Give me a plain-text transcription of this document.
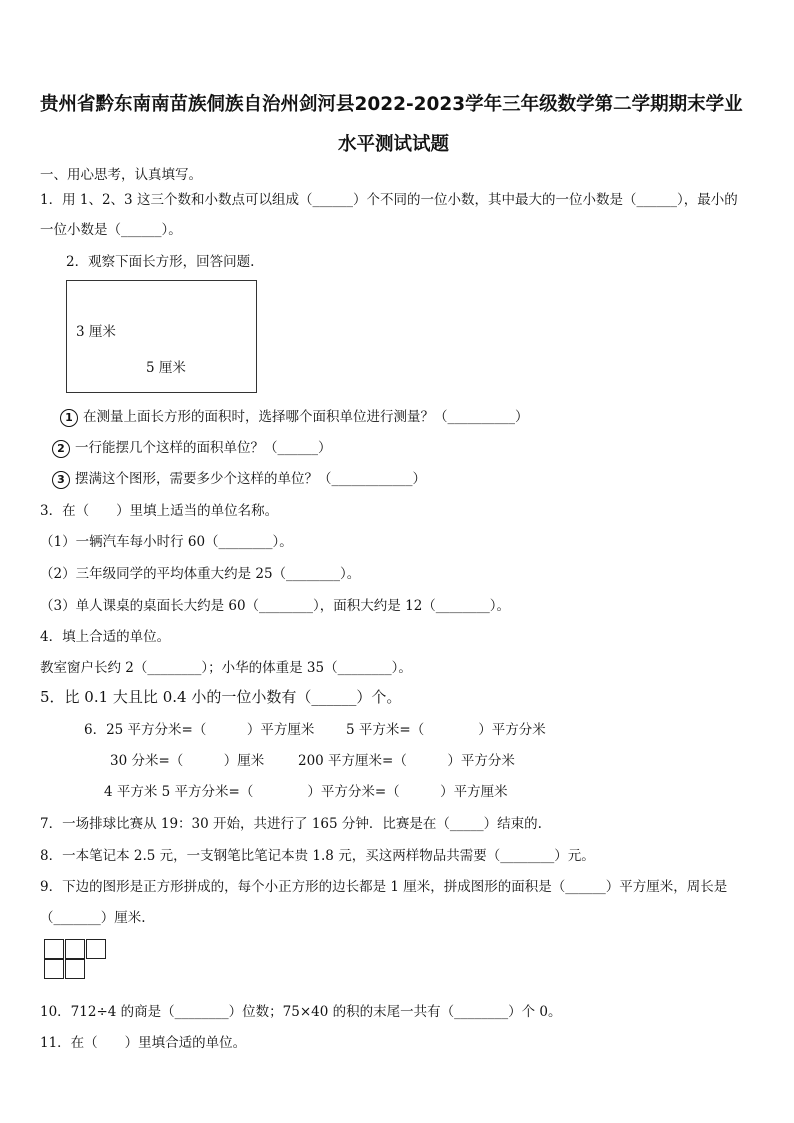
贵州省黔东南南苗族侗族自治州剑河县2022-2023学年三年级数学第二学期期末学业
水平测试试题
一、用心思考，认真填写。
1．用 1、2、3 这三个数和小数点可以组成（______）个不同的一位小数，其中最大的一位小数是（______），最小的
一位小数是（______）。
2．观察下面长方形，回答问题.
3 厘米
5 厘米
1 在测量上面长方形的面积时，选择哪个面积单位进行测量？（__________）
2 一行能摆几个这样的面积单位？（______）
3 摆满这个图形，需要多少个这样的单位？（____________）
3．在（　　）里填上适当的单位名称。
（1）一辆汽车每小时行 60（________）。
（2）三年级同学的平均体重大约是 25（________）。
（3）单人课桌的桌面长大约是 60（________），面积大约是 12（________）。
4．填上合适的单位。
教室窗户长约 2（________）；小华的体重是 35（________）。
5．比 0.1 大且比 0.4 小的一位小数有（______）个。
6．25 平方分米=（　　　）平方厘米 5 平方米=（　　　　）平方分米
30 分米=（　　　）厘米 200 平方厘米=（　　　）平方分米
4 平方米 5 平方分米=（　　　　）平方分米=（　　　）平方厘米
7．一场排球比赛从 19：30 开始，共进行了 165 分钟．比赛是在（_____）结束的.
8．一本笔记本 2.5 元，一支钢笔比笔记本贵 1.8 元，买这两样物品共需要（________）元。
9．下边的图形是正方形拼成的，每个小正方形的边长都是 1 厘米，拼成图形的面积是（______）平方厘米，周长是
（_______）厘米.
10．712÷4 的商是（________）位数；75×40 的积的末尾一共有（________）个 0。
11．在（　　）里填合适的单位。
